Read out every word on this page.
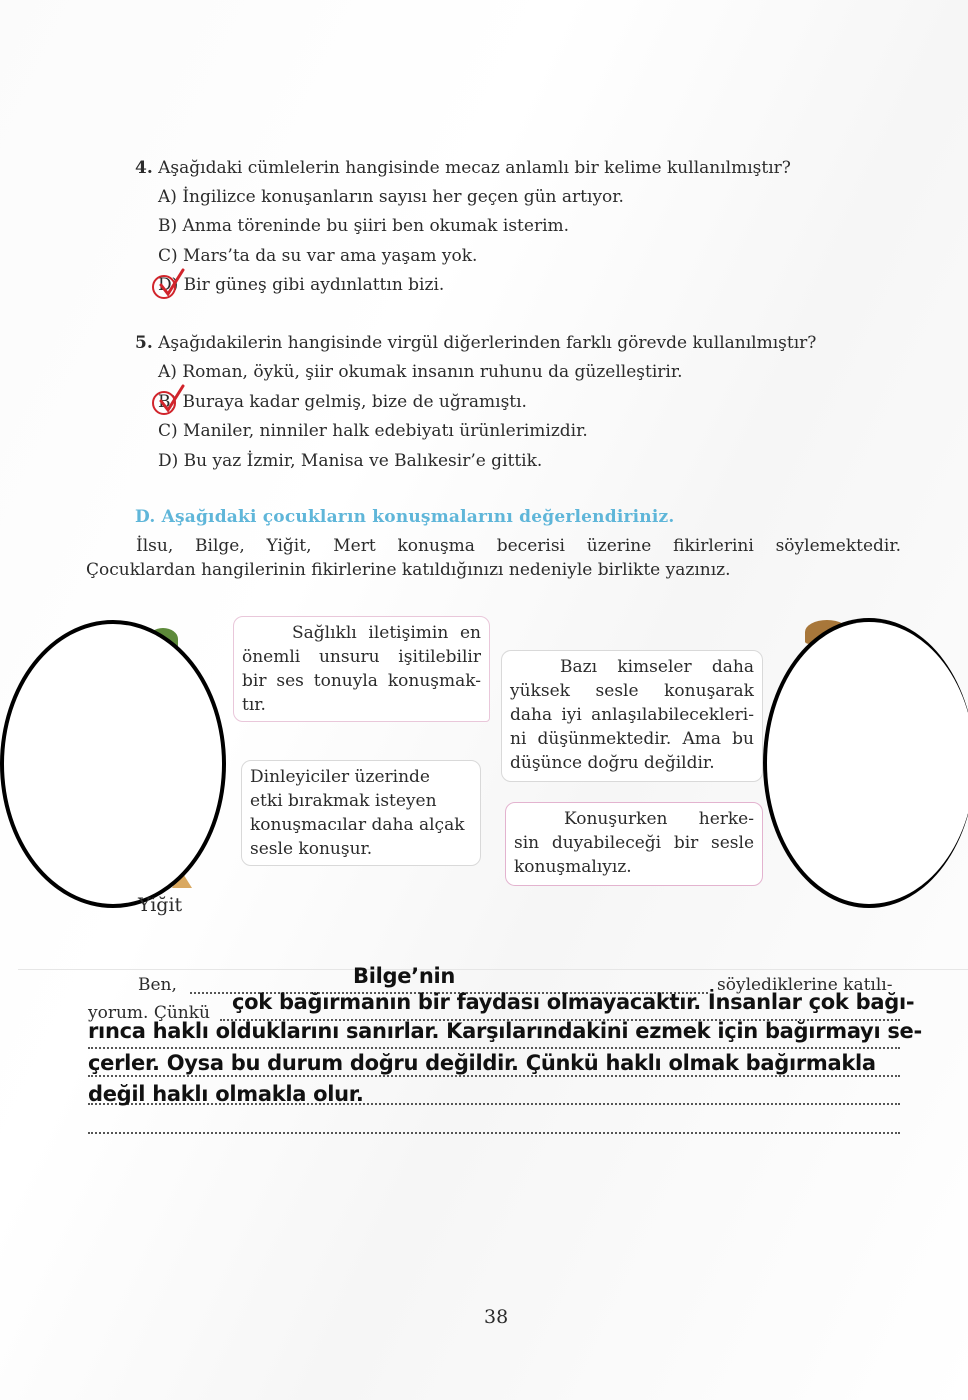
4. Aşağıdaki cümlelerin hangisinde mecaz anlamlı bir kelime kullanılmıştır?
A) İngilizce konuşanların sayısı her geçen gün artıyor.
B) Anma töreninde bu şiiri ben okumak isterim.
C) Mars’ta da su var ama yaşam yok.
D) Bir güneş gibi aydınlattın bizi.
5. Aşağıdakilerin hangisinde virgül diğerlerinden farklı görevde kullanılmıştır?
A) Roman, öykü, şiir okumak insanın ruhunu da güzelleştirir.
B) Buraya kadar gelmiş, bize de uğramıştı.
C) Maniler, ninniler halk edebiyatı ürünlerimizdir.
D) Bu yaz İzmir, Manisa ve Balıkesir’e gittik.
D. Aşağıdaki çocukların konuşmalarını değerlendiriniz.
İlsu, Bilge, Yiğit, Mert konuşma becerisi üzerine fikirlerini söylemektedir.
Çocuklardan hangilerinin fikirlerine katıldığınızı nedeniyle birlikte yazınız.
Sağlıklı iletişimin en
önemli unsuru işitilebilir
bir ses tonuyla konuşmak-
tır.
Dinleyiciler üzerinde
etki bırakmak isteyen
konuşmacılar daha alçak
sesle konuşur.
Bazı kimseler daha
yüksek sesle konuşarak
daha iyi anlaşılabilecekleri-
ni düşünmektedir. Ama bu
düşünce doğru değildir.
Konuşurken herke-
sin duyabileceği bir sesle
konuşmalıyız.
Yiğit
Ben,	Bilge’nin	söylediklerine katılı-
yorum. Çünkü çok bağırmanın bir faydası olmayacaktır. İnsanlar çok bağı-
rınca haklı olduklarını sanırlar. Karşılarındakini ezmek için bağırmayı se-
çerler. Oysa bu durum doğru değildir. Çünkü haklı olmak bağırmakla
değil haklı olmakla olur.
38
